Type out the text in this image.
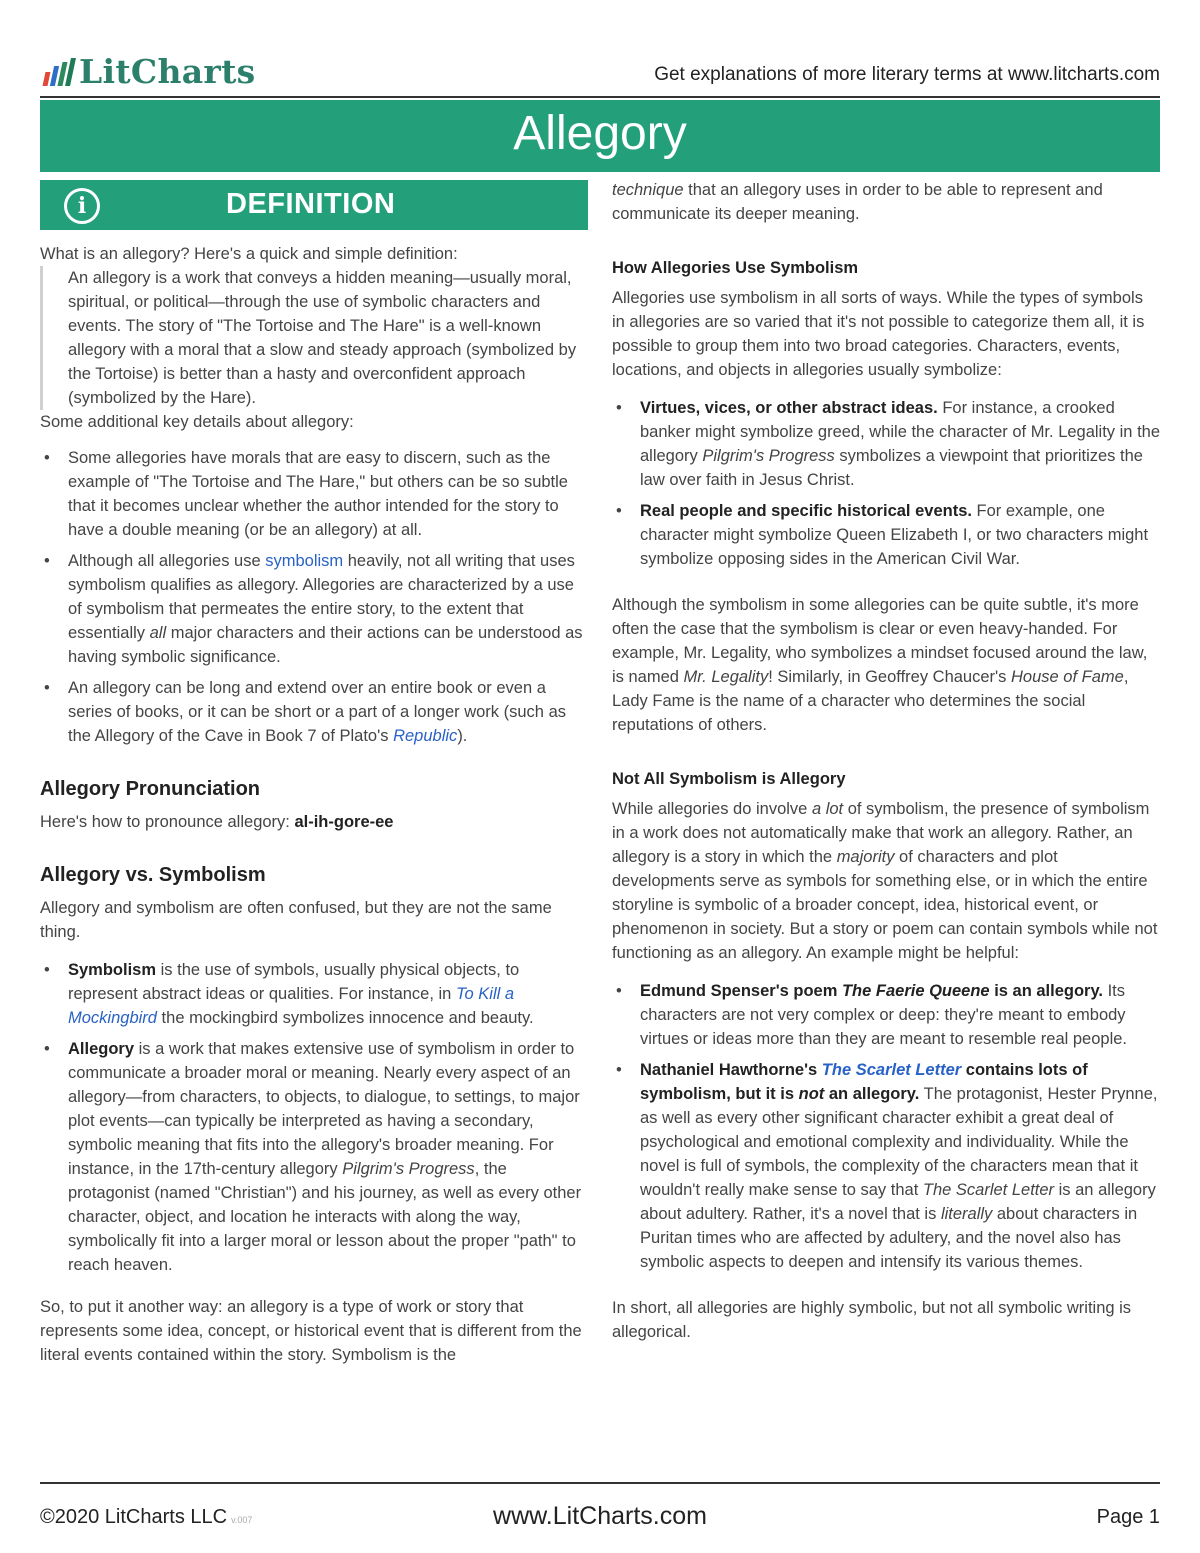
LitCharts	Get explanations of more literary terms at www.litcharts.com
Allegory
i	DEFINITION

What is an allegory? Here's a quick and simple definition:

An allegory is a work that conveys a hidden meaning—usually moral, spiritual, or political—through the use of symbolic characters and events. The story of "The Tortoise and The Hare" is a well-known allegory with a moral that a slow and steady approach (symbolized by the Tortoise) is better than a hasty and overconfident approach (symbolized by the Hare).

Some additional key details about allegory:

• Some allegories have morals that are easy to discern, such as the example of "The Tortoise and The Hare," but others can be so subtle that it becomes unclear whether the author intended for the story to have a double meaning (or be an allegory) at all.
• Although all allegories use symbolism heavily, not all writing that uses symbolism qualifies as allegory. Allegories are characterized by a use of symbolism that permeates the entire story, to the extent that essentially all major characters and their actions can be understood as having symbolic significance.
• An allegory can be long and extend over an entire book or even a series of books, or it can be short or a part of a longer work (such as the Allegory of the Cave in Book 7 of Plato's Republic).
Allegory Pronunciation

Here's how to pronounce allegory: al-ih-gore-ee

Allegory vs. Symbolism

Allegory and symbolism are often confused, but they are not the same thing.

• Symbolism is the use of symbols, usually physical objects, to represent abstract ideas or qualities. For instance, in To Kill a Mockingbird the mockingbird symbolizes innocence and beauty.
• Allegory is a work that makes extensive use of symbolism in order to communicate a broader moral or meaning. Nearly every aspect of an allegory—from characters, to objects, to dialogue, to settings, to major plot events—can typically be interpreted as having a secondary, symbolic meaning that fits into the allegory's broader meaning. For instance, in the 17th-century allegory Pilgrim's Progress, the protagonist (named "Christian") and his journey, as well as every other character, object, and location he interacts with along the way, symbolically fit into a larger moral or lesson about the proper "path" to reach heaven.

So, to put it another way: an allegory is a type of work or story that represents some idea, concept, or historical event that is different from the literal events contained within the story. Symbolism is the

technique that an allegory uses in order to be able to represent and communicate its deeper meaning.

How Allegories Use Symbolism

Allegories use symbolism in all sorts of ways. While the types of symbols in allegories are so varied that it's not possible to categorize them all, it is possible to group them into two broad categories. Characters, events, locations, and objects in allegories usually symbolize:

• Virtues, vices, or other abstract ideas. For instance, a crooked banker might symbolize greed, while the character of Mr. Legality in the allegory Pilgrim's Progress symbolizes a viewpoint that prioritizes the law over faith in Jesus Christ.
• Real people and specific historical events. For example, one character might symbolize Queen Elizabeth I, or two characters might symbolize opposing sides in the American Civil War.

Although the symbolism in some allegories can be quite subtle, it's more often the case that the symbolism is clear or even heavy-handed. For example, Mr. Legality, who symbolizes a mindset focused around the law, is named Mr. Legality! Similarly, in Geoffrey Chaucer's House of Fame, Lady Fame is the name of a character who determines the social reputations of others.

Not All Symbolism is Allegory

While allegories do involve a lot of symbolism, the presence of symbolism in a work does not automatically make that work an allegory. Rather, an allegory is a story in which the majority of characters and plot developments serve as symbols for something else, or in which the entire storyline is symbolic of a broader concept, idea, historical event, or phenomenon in society. But a story or poem can contain symbols while not functioning as an allegory. An example might be helpful:

• Edmund Spenser's poem The Faerie Queene is an allegory. Its characters are not very complex or deep: they're meant to embody virtues or ideas more than they are meant to resemble real people.
• Nathaniel Hawthorne's The Scarlet Letter contains lots of symbolism, but it is not an allegory. The protagonist, Hester Prynne, as well as every other significant character exhibit a great deal of psychological and emotional complexity and individuality. While the novel is full of symbols, the complexity of the characters mean that it wouldn't really make sense to say that The Scarlet Letter is an allegory about adultery. Rather, it's a novel that is literally about characters in Puritan times who are affected by adultery, and the novel also has symbolic aspects to deepen and intensify its various themes.

In short, all allegories are highly symbolic, but not all symbolic writing is allegorical.

©2020 LitCharts LLC v.007	www.LitCharts.com	Page 1
